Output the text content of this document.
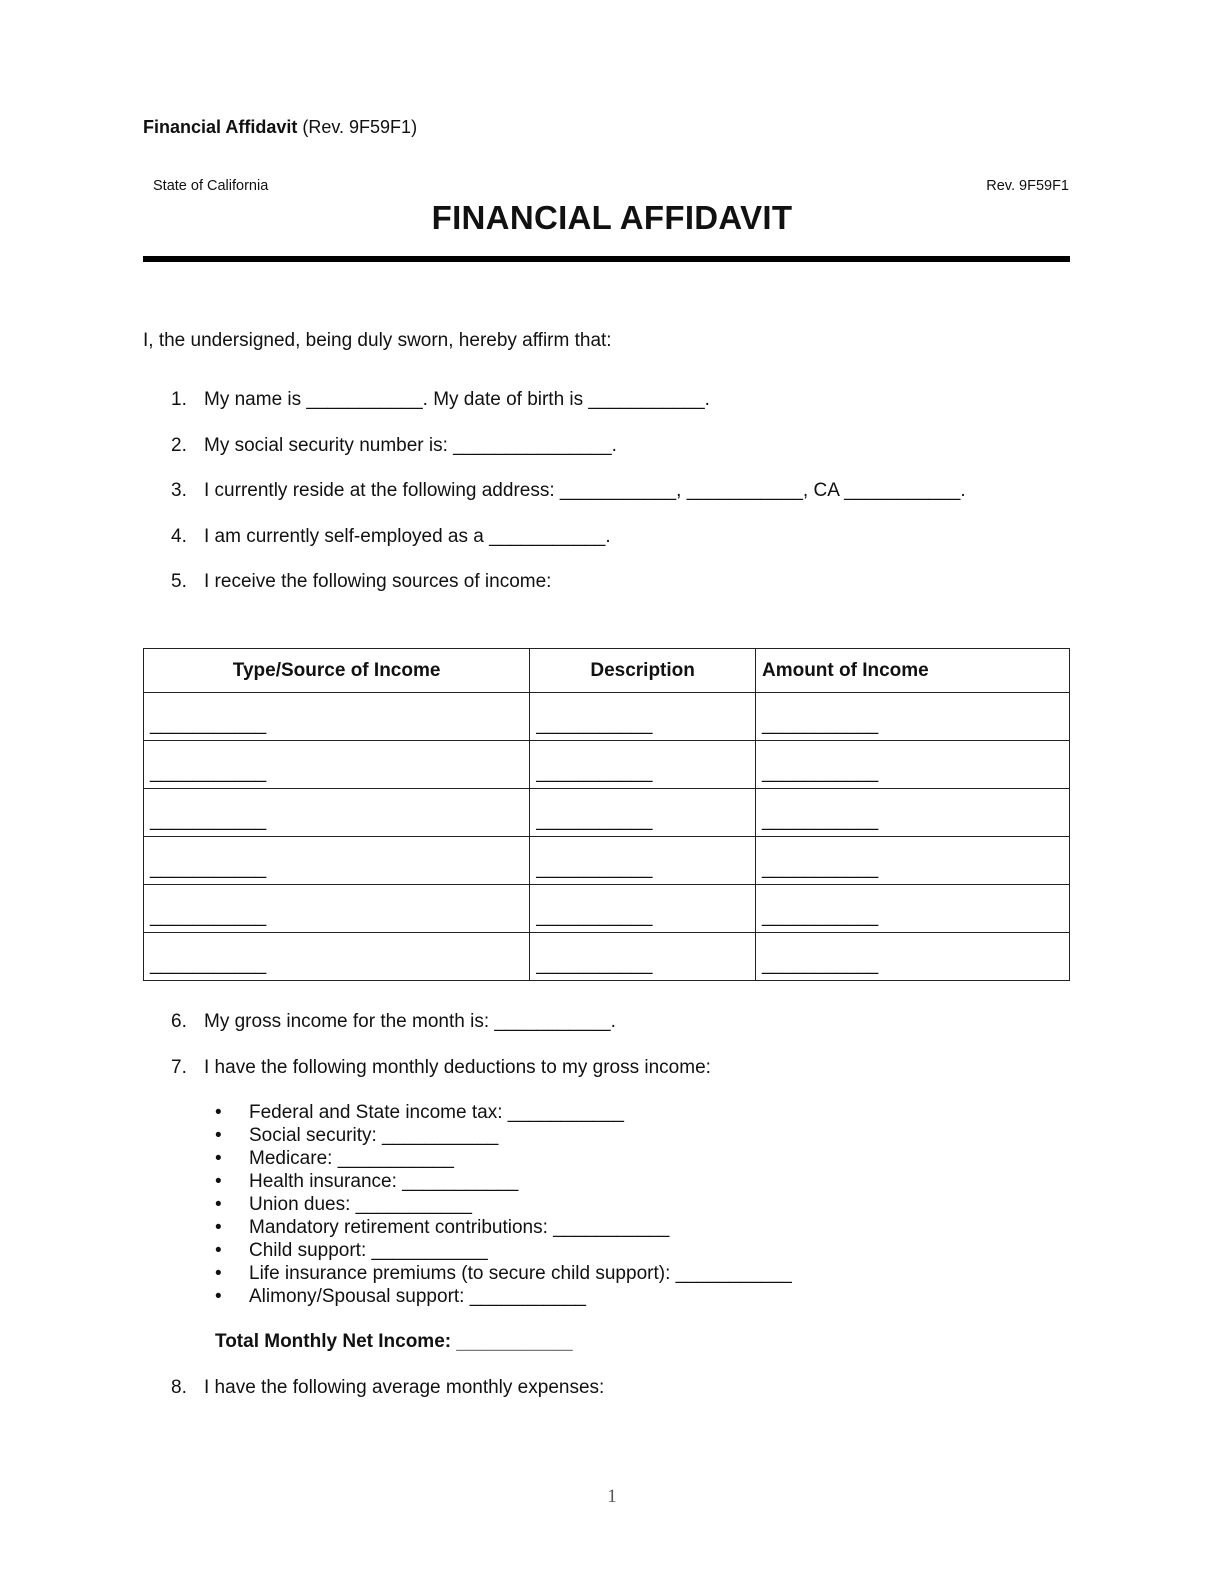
Financial Affidavit (Rev. 9F59F1)
State of California	Rev. 9F59F1
FINANCIAL AFFIDAVIT
I, the undersigned, being duly sworn, hereby affirm that:
1. My name is ___________. My date of birth is ___________.
2. My social security number is: _______________.
3. I currently reside at the following address: ___________, ___________, CA ___________.
4. I am currently self-employed as a ___________.
5. I receive the following sources of income:
Type/Source of Income	Description	Amount of Income
___________	___________	___________
___________	___________	___________
___________	___________	___________
___________	___________	___________
___________	___________	___________
___________	___________	___________
6. My gross income for the month is: ___________.
7. I have the following monthly deductions to my gross income:
• Federal and State income tax: ___________
• Social security: ___________
• Medicare: ___________
• Health insurance: ___________
• Union dues: ___________
• Mandatory retirement contributions: ___________
• Child support: ___________
• Life insurance premiums (to secure child support): ___________
• Alimony/Spousal support: ___________
Total Monthly Net Income: ___________
8. I have the following average monthly expenses:
1
